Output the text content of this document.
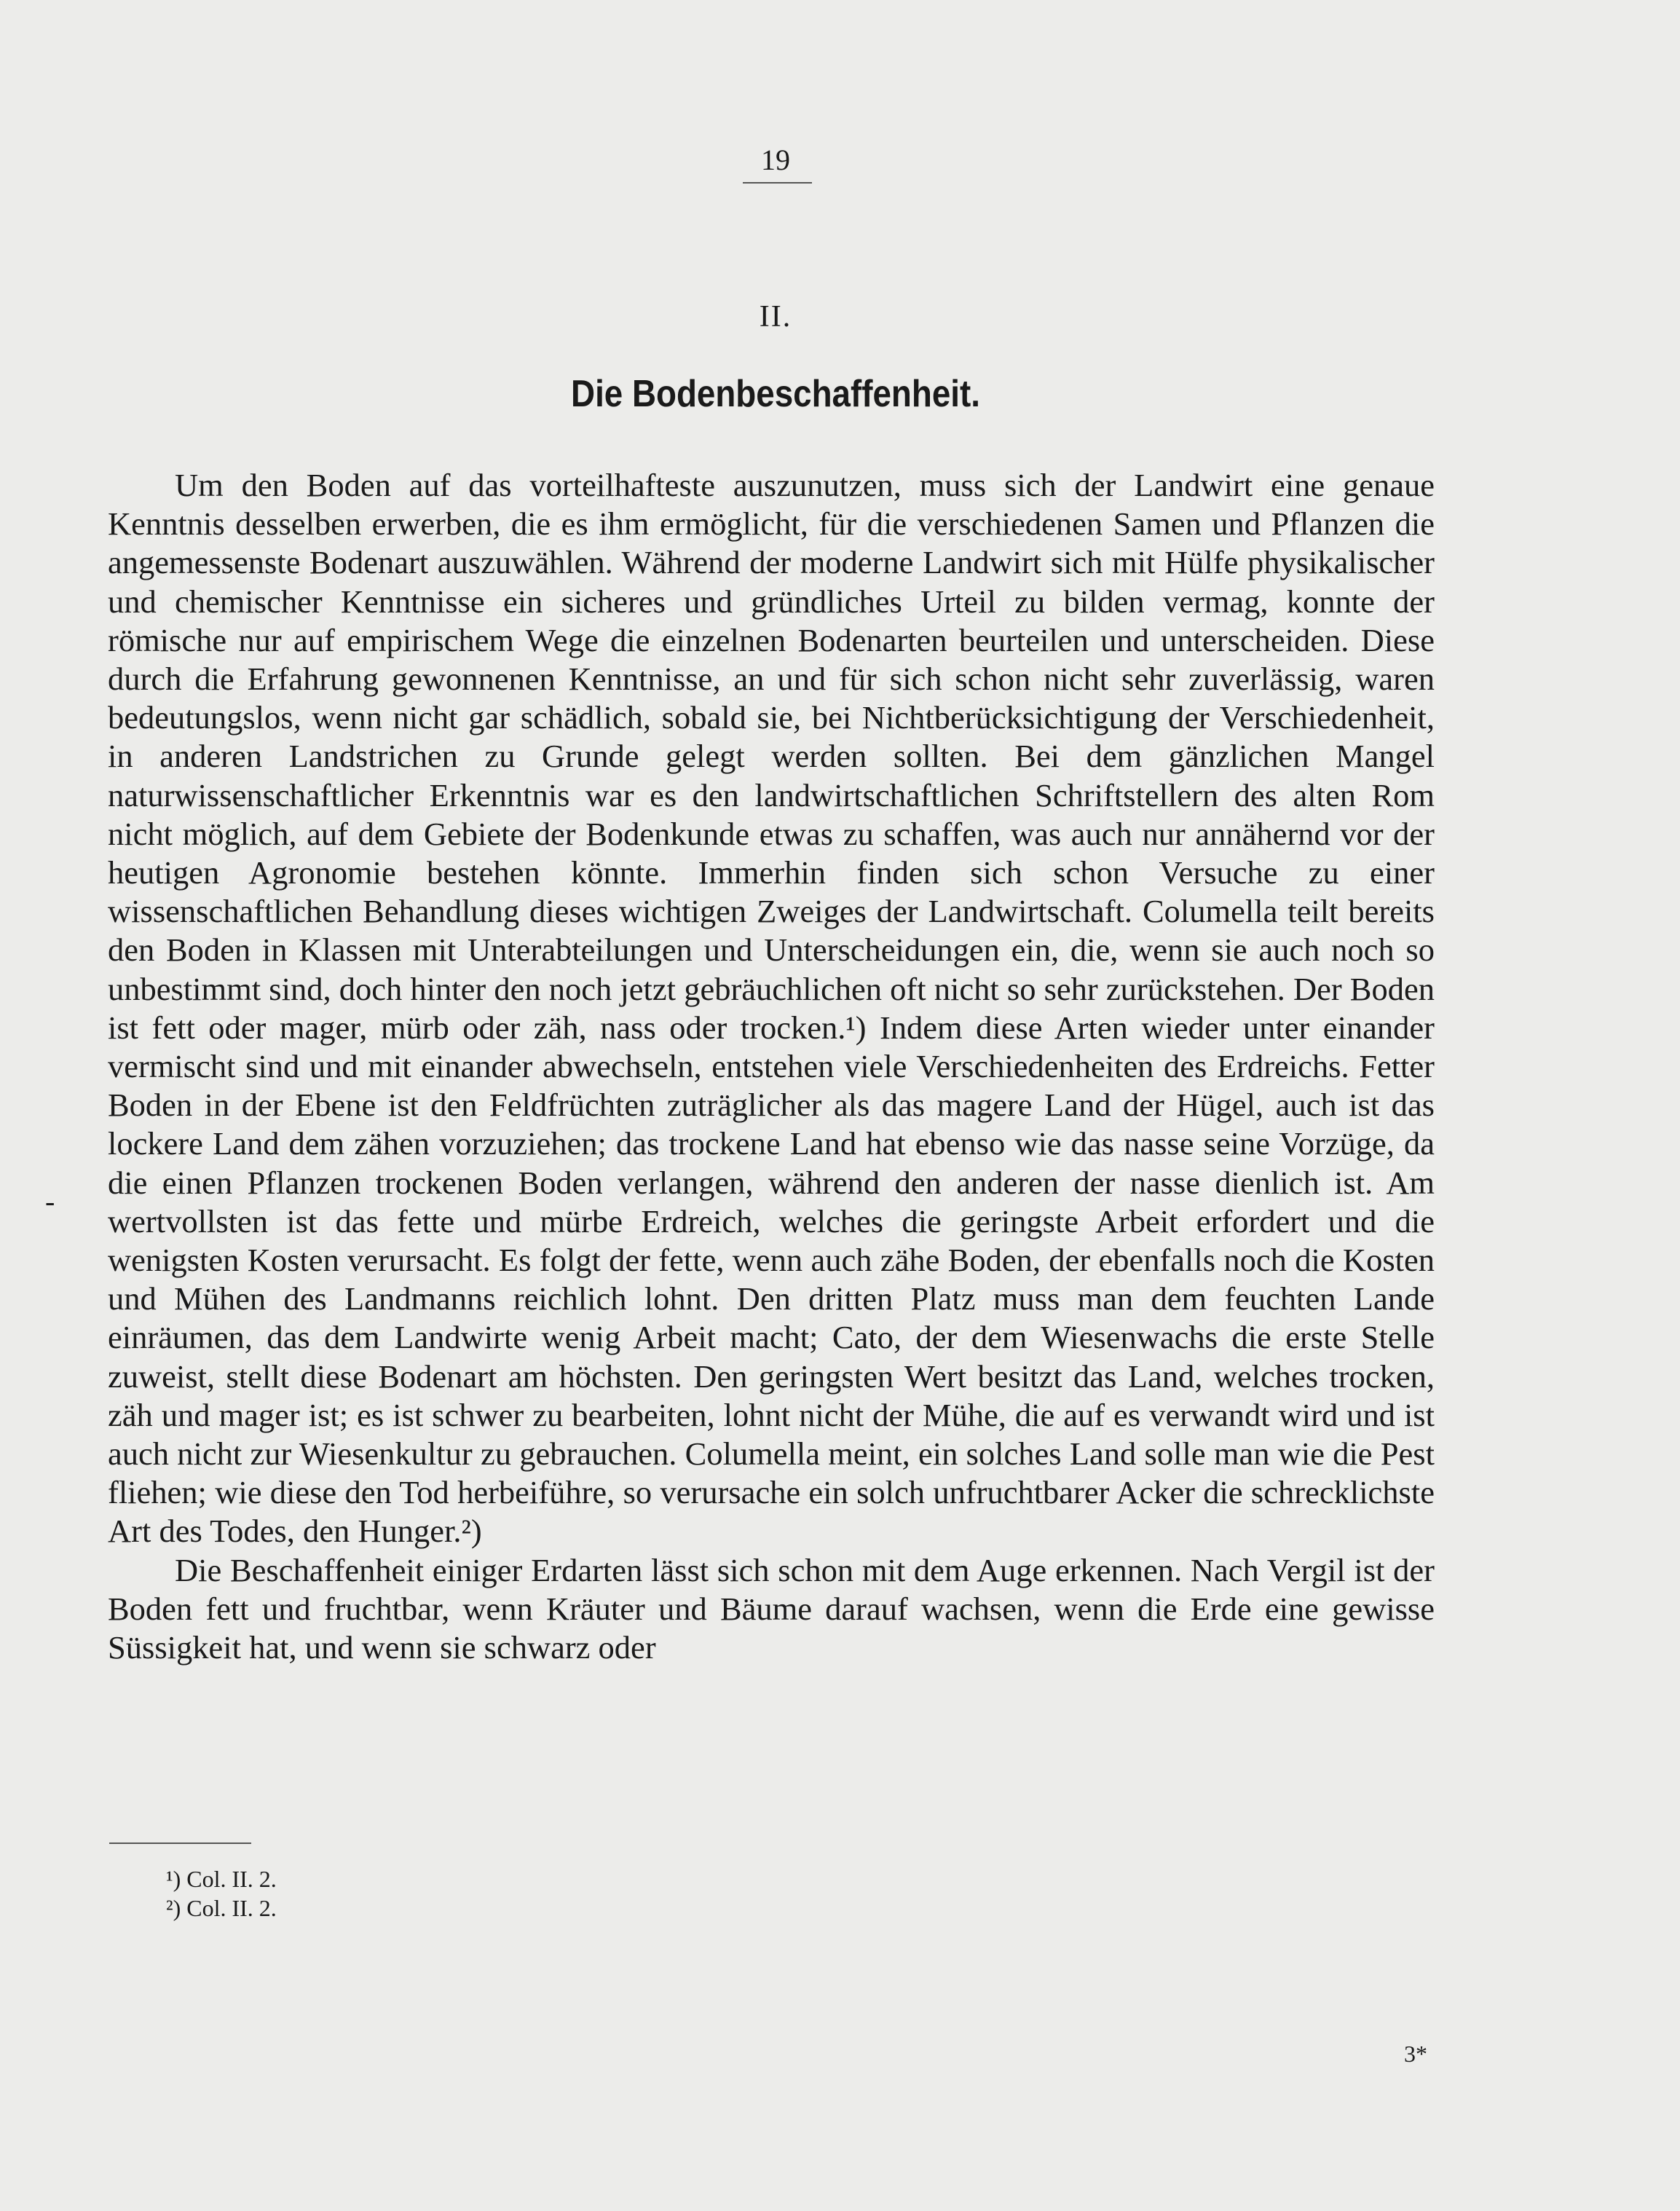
19
II.
Die Bodenbeschaffenheit.

Um den Boden auf das vorteilhafteste auszunutzen, muss sich der Landwirt eine genaue Kenntnis desselben erwerben, die es ihm ermöglicht, für die verschiedenen Samen und Pflanzen die angemessenste Bodenart auszuwählen. Während der moderne Landwirt sich mit Hülfe physikalischer und chemischer Kenntnisse ein sicheres und gründliches Urteil zu bilden vermag, konnte der römische nur auf empirischem Wege die einzelnen Bodenarten beurteilen und unterscheiden. Diese durch die Erfahrung gewonnenen Kenntnisse, an und für sich schon nicht sehr zuverlässig, waren bedeutungslos, wenn nicht gar schädlich, sobald sie, bei Nichtberücksichtigung der Verschiedenheit, in anderen Landstrichen zu Grunde gelegt werden sollten. Bei dem gänzlichen Mangel naturwissenschaftlicher Erkenntnis war es den landwirtschaftlichen Schriftstellern des alten Rom nicht möglich, auf dem Gebiete der Bodenkunde etwas zu schaffen, was auch nur annähernd vor der heutigen Agronomie bestehen könnte. Immerhin finden sich schon Versuche zu einer wissenschaftlichen Behandlung dieses wichtigen Zweiges der Landwirtschaft. Columella teilt bereits den Boden in Klassen mit Unterabteilungen und Unterscheidungen ein, die, wenn sie auch noch so unbestimmt sind, doch hinter den noch jetzt gebräuchlichen oft nicht so sehr zurückstehen. Der Boden ist fett oder mager, mürb oder zäh, nass oder trocken.¹) Indem diese Arten wieder unter einander vermischt sind und mit einander abwechseln, entstehen viele Verschiedenheiten des Erdreichs. Fetter Boden in der Ebene ist den Feldfrüchten zuträglicher als das magere Land der Hügel, auch ist das lockere Land dem zähen vorzuziehen; das trockene Land hat ebenso wie das nasse seine Vorzüge, da die einen Pflanzen trockenen Boden verlangen, während den anderen der nasse dienlich ist. Am wertvollsten ist das fette und mürbe Erdreich, welches die geringste Arbeit erfordert und die wenigsten Kosten verursacht. Es folgt der fette, wenn auch zähe Boden, der ebenfalls noch die Kosten und Mühen des Landmanns reichlich lohnt. Den dritten Platz muss man dem feuchten Lande einräumen, das dem Landwirte wenig Arbeit macht; Cato, der dem Wiesenwachs die erste Stelle zuweist, stellt diese Bodenart am höchsten. Den geringsten Wert besitzt das Land, welches trocken, zäh und mager ist; es ist schwer zu bearbeiten, lohnt nicht der Mühe, die auf es verwandt wird und ist auch nicht zur Wiesenkultur zu gebrauchen. Columella meint, ein solches Land solle man wie die Pest fliehen; wie diese den Tod herbeiführe, so verursache ein solch unfruchtbarer Acker die schrecklichste Art des Todes, den Hunger.²)

Die Beschaffenheit einiger Erdarten lässt sich schon mit dem Auge erkennen. Nach Vergil ist der Boden fett und fruchtbar, wenn Kräuter und Bäume darauf wachsen, wenn die Erde eine gewisse Süssigkeit hat, und wenn sie schwarz oder

-
¹) Col. II. 2.
²) Col. II. 2.
3*
